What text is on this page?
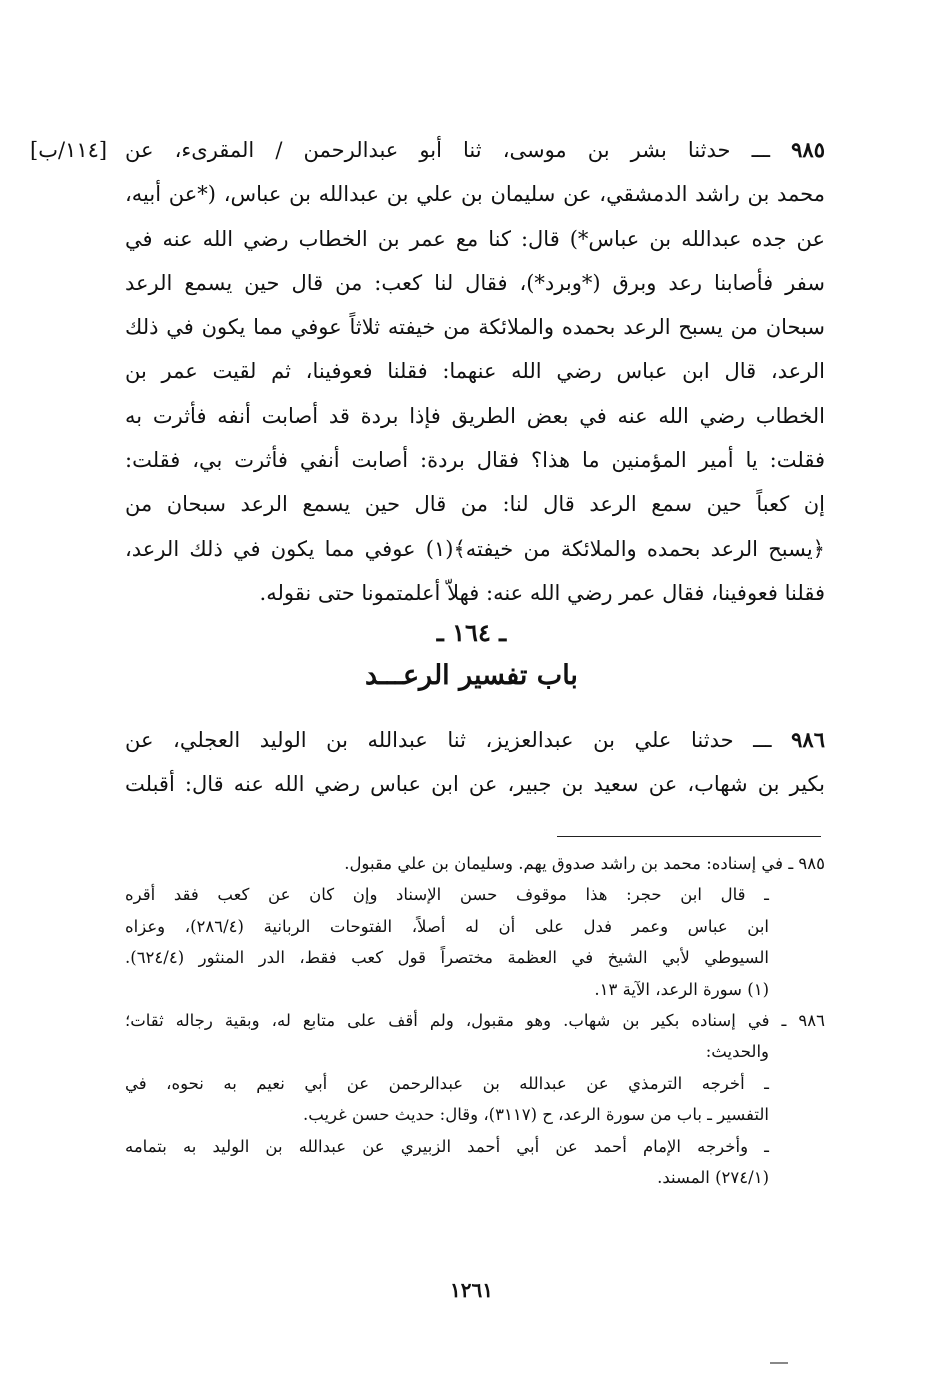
٩٨٥ ـــ حدثنا بشر بن موسى، ثنا أبو عبدالرحمن / المقرىء، عن
محمد بن راشد الدمشقي، عن سليمان بن علي بن عبدالله بن عباس، (*عن أبيه،
عن جده عبدالله بن عباس*) قال: كنا مع عمر بن الخطاب رضي الله عنه في
سفر فأصابنا رعد وبرق (*وبرد*)، فقال لنا كعب: من قال حين يسمع الرعد
سبحان من يسبح الرعد بحمده والملائكة من خيفته ثلاثاً عوفي مما يكون في ذلك
الرعد، قال ابن عباس رضي الله عنهما: فقلنا فعوفينا، ثم لقيت عمر بن
الخطاب رضي الله عنه في بعض الطريق فإذا بردة قد أصابت أنفه فأثرت به
فقلت: يا أمير المؤمنين ما هذا؟ فقال بردة: أصابت أنفي فأثرت بي، فقلت:
إن كعباً حين سمع الرعد قال لنا: من قال حين يسمع الرعد سبحان من
﴿يسبح الرعد بحمده والملائكة من خيفته﴾(١) عوفي مما يكون في ذلك الرعد،
فقلنا فعوفينا، فقال عمر رضي الله عنه: فهلاّ أعلمتمونا حتى نقوله.
[١١٤/ب]
ـ ١٦٤ ـ
باب تفسير الرعـــد
٩٨٦ ـــ حدثنا علي بن عبدالعزيز، ثنا عبدالله بن الوليد العجلي، عن
بكير بن شهاب، عن سعيد بن جبير، عن ابن عباس رضي الله عنه قال: أقبلت
٩٨٥ ـ في إسناده: محمد بن راشد صدوق يهم. وسليمان بن علي مقبول.
ـ قال ابن حجر: هذا موقوف حسن الإسناد وإن كان عن كعب فقد أقره
ابن عباس وعمر فدل على أن له أصلاً، الفتوحات الربانية (٢٨٦/٤)، وعزاه
السيوطي لأبي الشيخ في العظمة مختصراً قول كعب فقط، الدر المنثور (٦٢٤/٤).
(١) سورة الرعد، الآية ١٣.
٩٨٦ ـ في إسناده بكير بن شهاب. وهو مقبول، ولم أقف على متابع له، وبقية رجاله ثقات؛
والحديث:
ـ أخرجه الترمذي عن عبدالله بن عبدالرحمن عن أبي نعيم به نحوه، في
التفسير ـ باب من سورة الرعد، ح (٣١١٧)، وقال: حديث حسن غريب.
ـ وأخرجه الإمام أحمد عن أبي أحمد الزبيري عن عبدالله بن الوليد به بتمامه
(٢٧٤/١) المسند.
١٢٦١
